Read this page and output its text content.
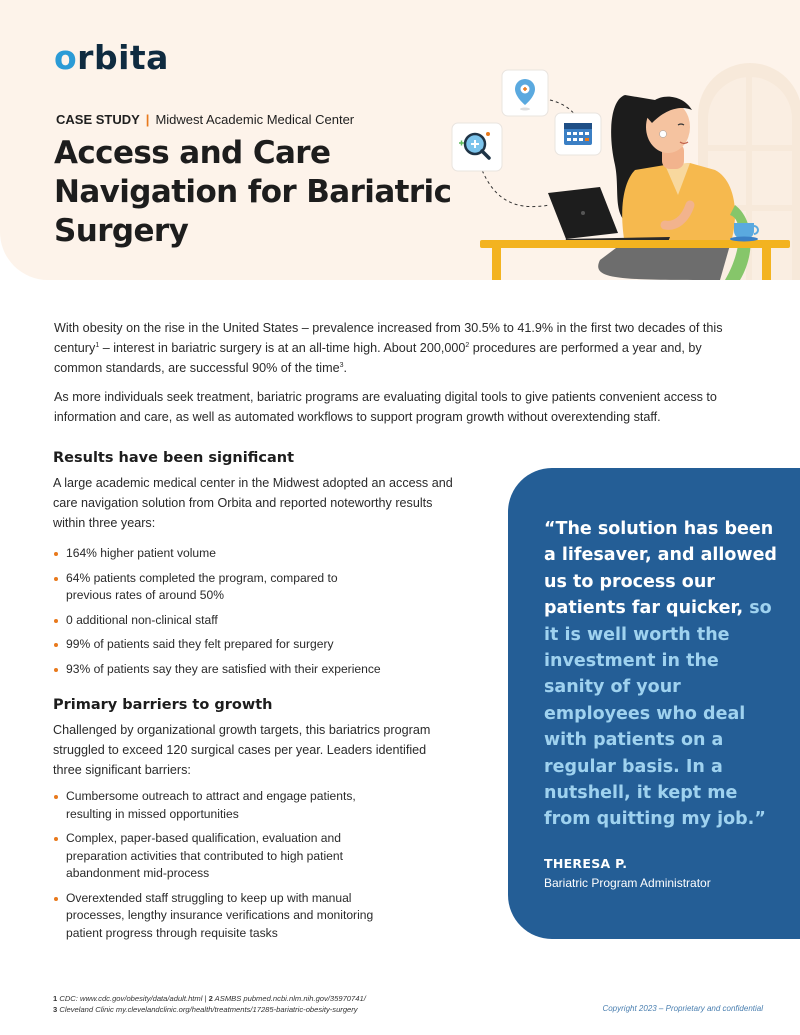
orbita
CASE STUDY | Midwest Academic Medical Center
Access and Care Navigation for Bariatric Surgery

With obesity on the rise in the United States – prevalence increased from 30.5% to 41.9% in the first two decades of this century$^1$ – interest in bariatric surgery is at an all-time high. About 200,000$^2$ procedures are performed a year and, by common standards, are successful 90% of the time$^3$.

As more individuals seek treatment, bariatric programs are evaluating digital tools to give patients convenient access to information and care, as well as automated workflows to support program growth without overextending staff.

Results have been significant

A large academic medical center in the Midwest adopted an access and care navigation solution from Orbita and reported noteworthy results within three years:

164% higher patient volume
64% patients completed the program, compared to previous rates of around 50%
0 additional non-clinical staff
99% of patients said they felt prepared for surgery
93% of patients say they are satisfied with their experience
Primary barriers to growth

Challenged by organizational growth targets, this bariatrics program struggled to exceed 120 surgical cases per year. Leaders identified three significant barriers:

Cumbersome outreach to attract and engage patients, resulting in missed opportunities
Complex, paper-based qualification, evaluation and preparation activities that contributed to high patient abandonment mid-process
Overextended staff struggling to keep up with manual processes, lengthy insurance verifications and monitoring patient progress through requisite tasks

“The solution has been a lifesaver, and allowed us to process our patients far quicker, so it is well worth the investment in the sanity of your employees who deal with patients on a regular basis. In a nutshell, it kept me from quitting my job.”

THERESA P.
Bariatric Program Administrator
1 CDC: www.cdc.gov/obesity/data/adult.html | 2 ASMBS pubmed.ncbi.nlm.nih.gov/35970741/
3 Cleveland Clinic my.clevelandclinic.org/health/treatments/17285-bariatric-obesity-surgery	Copyright 2023 – Proprietary and confidential
